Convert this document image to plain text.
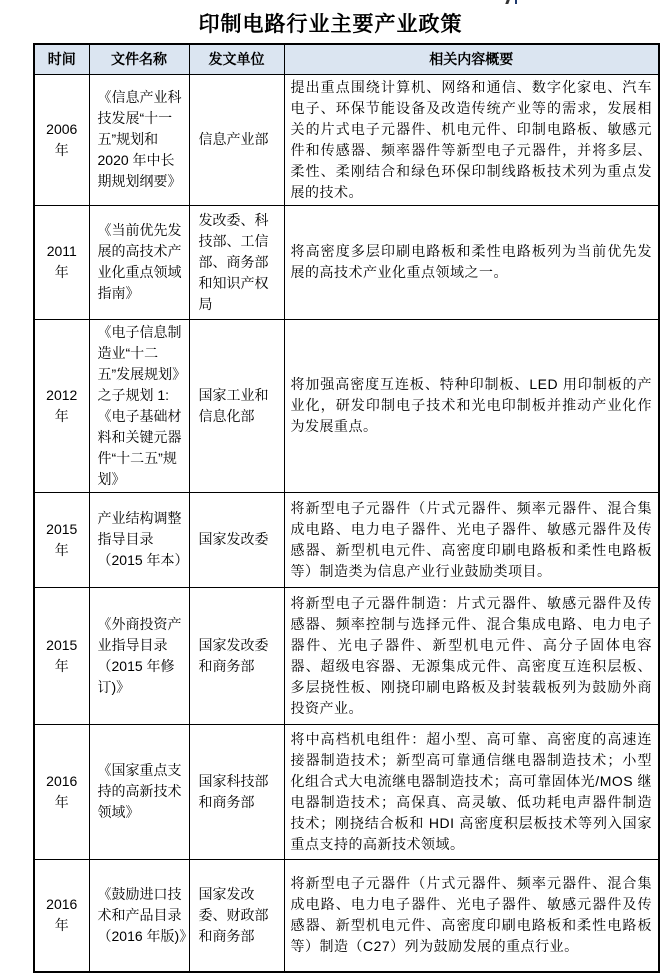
印制电路行业主要产业政策
时间	文件名称	发文单位	相关内容概要
2006年	《信息产业科技发展“十一五”规划和 2020 年中长期规划纲要》	信息产业部	提出重点围绕计算机、网络和通信、数字化家电、汽车电子、环保节能设备及改造传统产业等的需求，发展相关的片式电子元器件、机电元件、印制电路板、敏感元件和传感器、频率器件等新型电子元器件，并将多层、柔性、柔刚结合和绿色环保印制线路板技术列为重点发展的技术。
2011年	《当前优先发展的高技术产业化重点领域指南》	发改委、科技部、工信部、商务部和知识产权局	将高密度多层印刷电路板和柔性电路板列为当前优先发展的高技术产业化重点领域之一。
2012年	《电子信息制造业“十二五”发展规划》之子规划 1:《电子基础材料和关键元器件“十二五”规划》	国家工业和信息化部	将加强高密度互连板、特种印制板、LED 用印制板的产业化，研发印制电子技术和光电印制板并推动产业化作为发展重点。
2015年	产业结构调整指导目录（2015 年本）	国家发改委	将新型电子元器件（片式元器件、频率元器件、混合集成电路、电力电子器件、光电子器件、敏感元器件及传感器、新型机电元件、高密度印刷电路板和柔性电路板等）制造类为信息产业行业鼓励类项目。
2015年	《外商投资产业指导目录（2015 年修订)》	国家发改委和商务部	将新型电子元器件制造：片式元器件、敏感元器件及传感器、频率控制与选择元件、混合集成电路、电力电子器件、光电子器件、新型机电元件、高分子固体电容器、超级电容器、无源集成元件、高密度互连积层板、多层挠性板、刚挠印刷电路板及封装载板列为鼓励外商投资产业。
2016年	《国家重点支持的高新技术领域》	国家科技部和商务部	将中高档机电组件：超小型、高可靠、高密度的高速连接器制造技术；新型高可靠通信继电器制造技术；小型化组合式大电流继电器制造技术；高可靠固体光/MOS 继电器制造技术；高保真、高灵敏、低功耗电声器件制造技术；刚挠结合板和 HDI 高密度积层板技术等列入国家重点支持的高新技术领域。
2016年	《鼓励进口技术和产品目录（2016 年版)》	国家发改委、财政部和商务部	将新型电子元器件（片式元器件、频率元器件、混合集成电路、电力电子器件、光电子器件、敏感元器件及传感器、新型机电元件、高密度印刷电路板和柔性电路板等）制造（C27）列为鼓励发展的重点行业。
